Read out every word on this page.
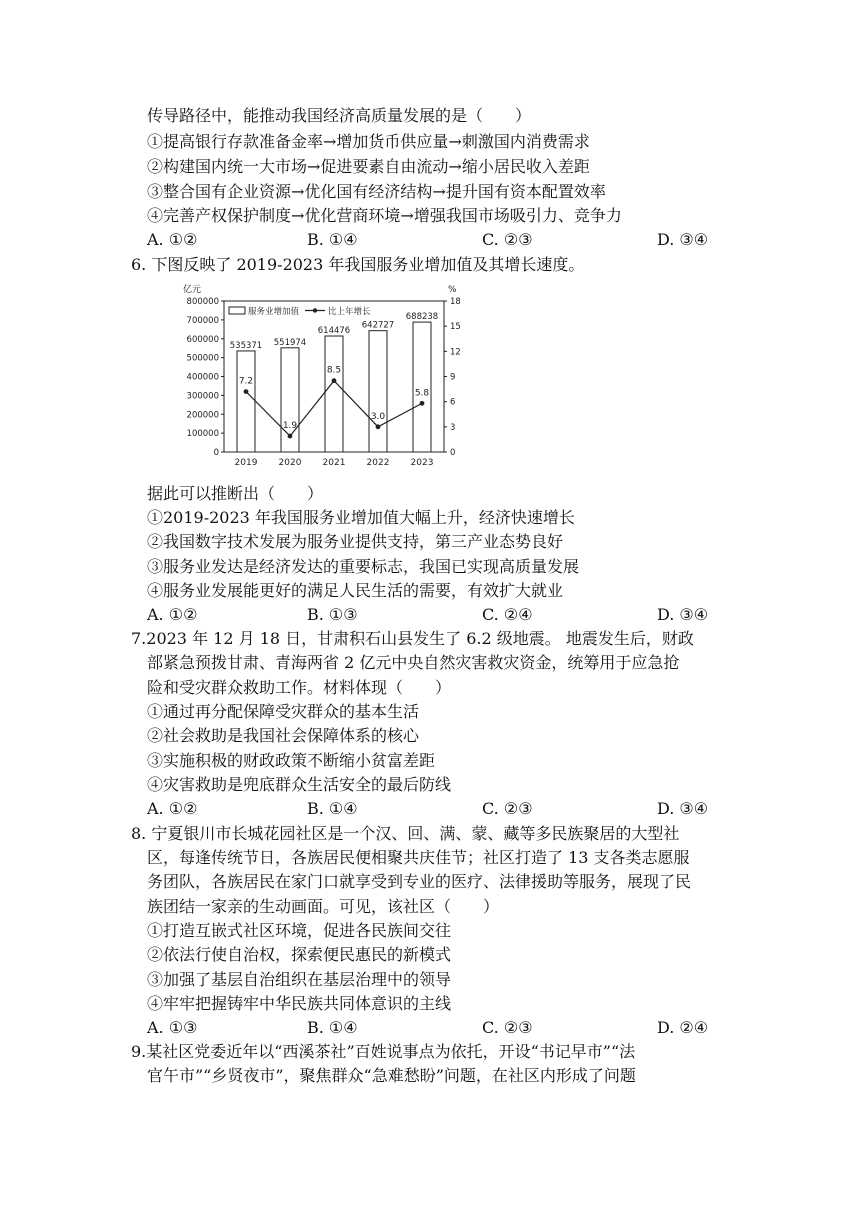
传导路径中，能推动我国经济高质量发展的是（　　）
①提高银行存款准备金率→增加货币供应量→刺激国内消费需求
②构建国内统一大市场→促进要素自由流动→缩小居民收入差距
③整合国有企业资源→优化国有经济结构→提升国有资本配置效率
④完善产权保护制度→优化营商环境→增强我国市场吸引力、竞争力
A. ①②	B. ①④	C. ②③	D. ③④
6. 下图反映了 2019-2023 年我国服务业增加值及其增长速度。
亿元	%
800000
700000
600000
500000
400000
300000
200000
100000
0
18
15
12
9
6
3
0
535371
2019
551974
2020
614476
2021
642727
2022
688238
2023
7.2
1.9
8.5
3.0
5.8
服务业增加值	比上年增长
据此可以推断出（　　）
①2019-2023 年我国服务业增加值大幅上升，经济快速增长
②我国数字技术发展为服务业提供支持，第三产业态势良好
③服务业发达是经济发达的重要标志，我国已实现高质量发展
④服务业发展能更好的满足人民生活的需要，有效扩大就业
A. ①②	B. ①③	C. ②④	D. ③④
7.2023 年 12 月 18 日，甘肃积石山县发生了 6.2 级地震。 地震发生后，财政
部紧急预拨甘肃、青海两省 2 亿元中央自然灾害救灾资金，统筹用于应急抢
险和受灾群众救助工作。材料体现（　　）
①通过再分配保障受灾群众的基本生活
②社会救助是我国社会保障体系的核心
③实施积极的财政政策不断缩小贫富差距
④灾害救助是兜底群众生活安全的最后防线
A. ①②	B. ①④	C. ②③	D. ③④
8. 宁夏银川市长城花园社区是一个汉、回、满、蒙、藏等多民族聚居的大型社
区，每逢传统节日，各族居民便相聚共庆佳节；社区打造了 13 支各类志愿服
务团队，各族居民在家门口就享受到专业的医疗、法律援助等服务，展现了民
族团结一家亲的生动画面。可见，该社区（　　）
①打造互嵌式社区环境，促进各民族间交往
②依法行使自治权，探索便民惠民的新模式
③加强了基层自治组织在基层治理中的领导
④牢牢把握铸牢中华民族共同体意识的主线
A. ①③	B. ①④	C. ②③	D. ②④
9.某社区党委近年以“西溪茶社”百姓说事点为依托，开设“书记早市”“法
官午市”“乡贤夜市”，聚焦群众“急难愁盼”问题，在社区内形成了问题
